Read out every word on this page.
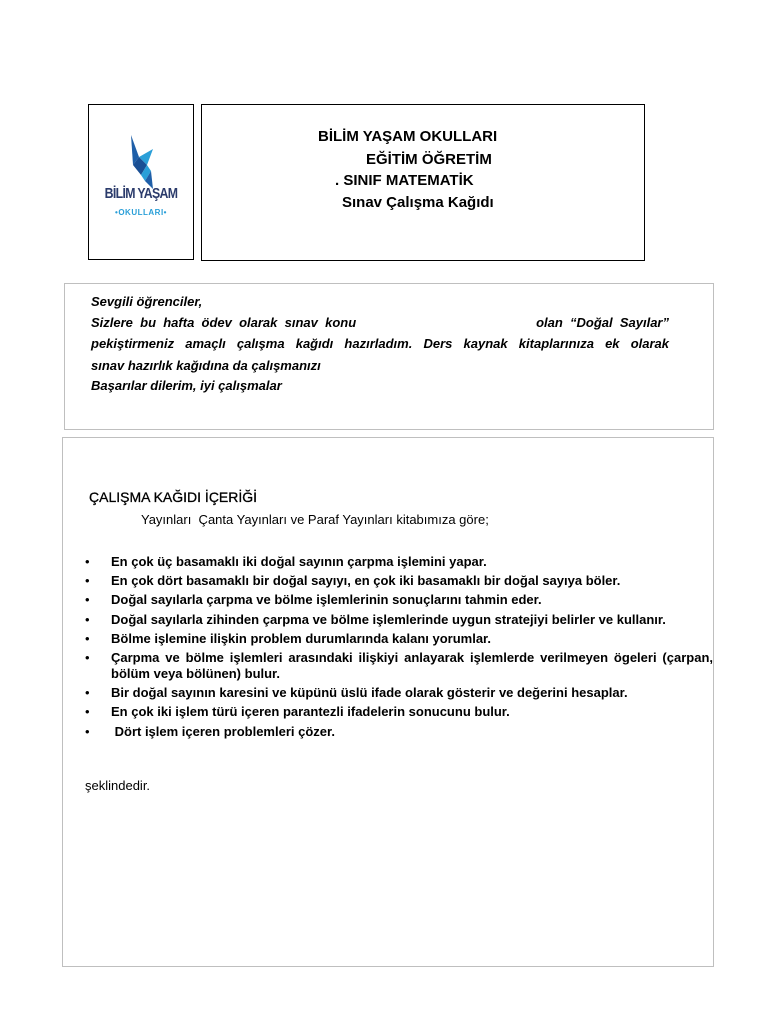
BİLİM YAŞAM
•OKULLARI•
BİLİM YAŞAM OKULLARI
EĞİTİM ÖĞRETİM
. SINIF MATEMATİK
Sınav Çalışma Kağıdı
Sevgili öğrenciler,
Sizlere  bu  hafta  ödev  olarak  sınav  konu	olan  “Doğal  Sayılar”
pekiştirmeniz amaçlı çalışma kağıdı hazırladım. Ders kaynak kitaplarınıza ek olarak
sınav hazırlık kağıdına da çalışmanızı
Başarılar dilerim, iyi çalışmalar
ÇALIŞMA KAĞIDI İÇERİĞİ
Yayınları  Çanta Yayınları ve Paraf Yayınları kitabımıza göre;
• En çok üç basamaklı iki doğal sayının çarpma işlemini yapar.
• En çok dört basamaklı bir doğal sayıyı, en çok iki basamaklı bir doğal sayıya böler.
• Doğal sayılarla çarpma ve bölme işlemlerinin sonuçlarını tahmin eder.
• Doğal sayılarla zihinden çarpma ve bölme işlemlerinde uygun stratejiyi belirler ve kullanır.
• Bölme işlemine ilişkin problem durumlarında kalanı yorumlar.
• Çarpma ve bölme işlemleri arasındaki ilişkiyi anlayarak işlemlerde verilmeyen ögeleri (çarpan, bölüm veya bölünen) bulur.
• Bir doğal sayının karesini ve küpünü üslü ifade olarak gösterir ve değerini hesaplar.
• En çok iki işlem türü içeren parantezli ifadelerin sonucunu bulur.
• Dört işlem içeren problemleri çözer.
şeklindedir.
